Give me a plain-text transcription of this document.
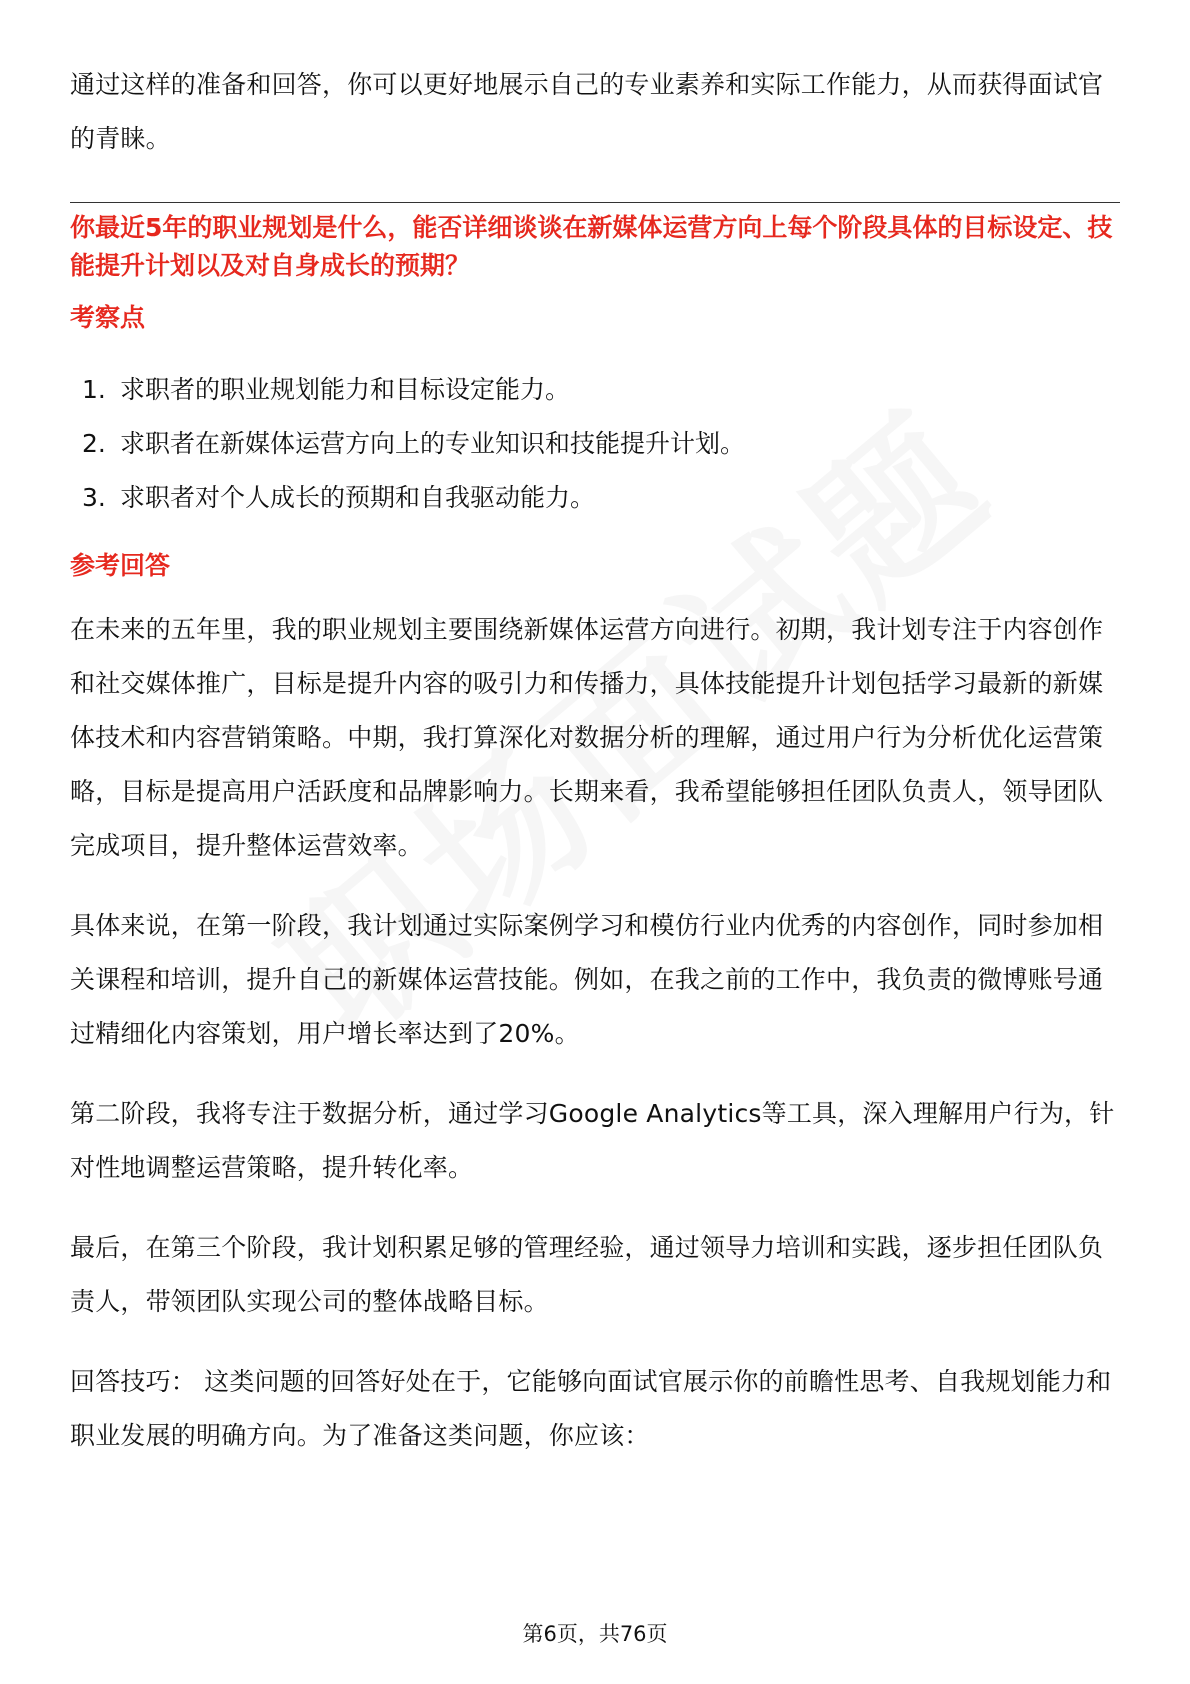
通过这样的准备和回答，你可以更好地展示自己的专业素养和实际工作能力，从而获得面试官的青睐。

你最近5年的职业规划是什么，能否详细谈谈在新媒体运营方向上每个阶段具体的目标设定、技能提升计划以及对自身成长的预期？

考察点

1. 求职者的职业规划能力和目标设定能力。
2. 求职者在新媒体运营方向上的专业知识和技能提升计划。
3. 求职者对个人成长的预期和自我驱动能力。

参考回答

在未来的五年里，我的职业规划主要围绕新媒体运营方向进行。初期，我计划专注于内容创作和社交媒体推广，目标是提升内容的吸引力和传播力，具体技能提升计划包括学习最新的新媒体技术和内容营销策略。中期，我打算深化对数据分析的理解，通过用户行为分析优化运营策略，目标是提高用户活跃度和品牌影响力。长期来看，我希望能够担任团队负责人，领导团队完成项目，提升整体运营效率。

具体来说，在第一阶段，我计划通过实际案例学习和模仿行业内优秀的内容创作，同时参加相关课程和培训，提升自己的新媒体运营技能。例如，在我之前的工作中，我负责的微博账号通过精细化内容策划，用户增长率达到了20%。

第二阶段，我将专注于数据分析，通过学习Google Analytics等工具，深入理解用户行为，针对性地调整运营策略，提升转化率。

最后，在第三个阶段，我计划积累足够的管理经验，通过领导力培训和实践，逐步担任团队负责人，带领团队实现公司的整体战略目标。

回答技巧： 这类问题的回答好处在于，它能够向面试官展示你的前瞻性思考、自我规划能力和职业发展的明确方向。为了准备这类问题，你应该：

第6页，共76页
